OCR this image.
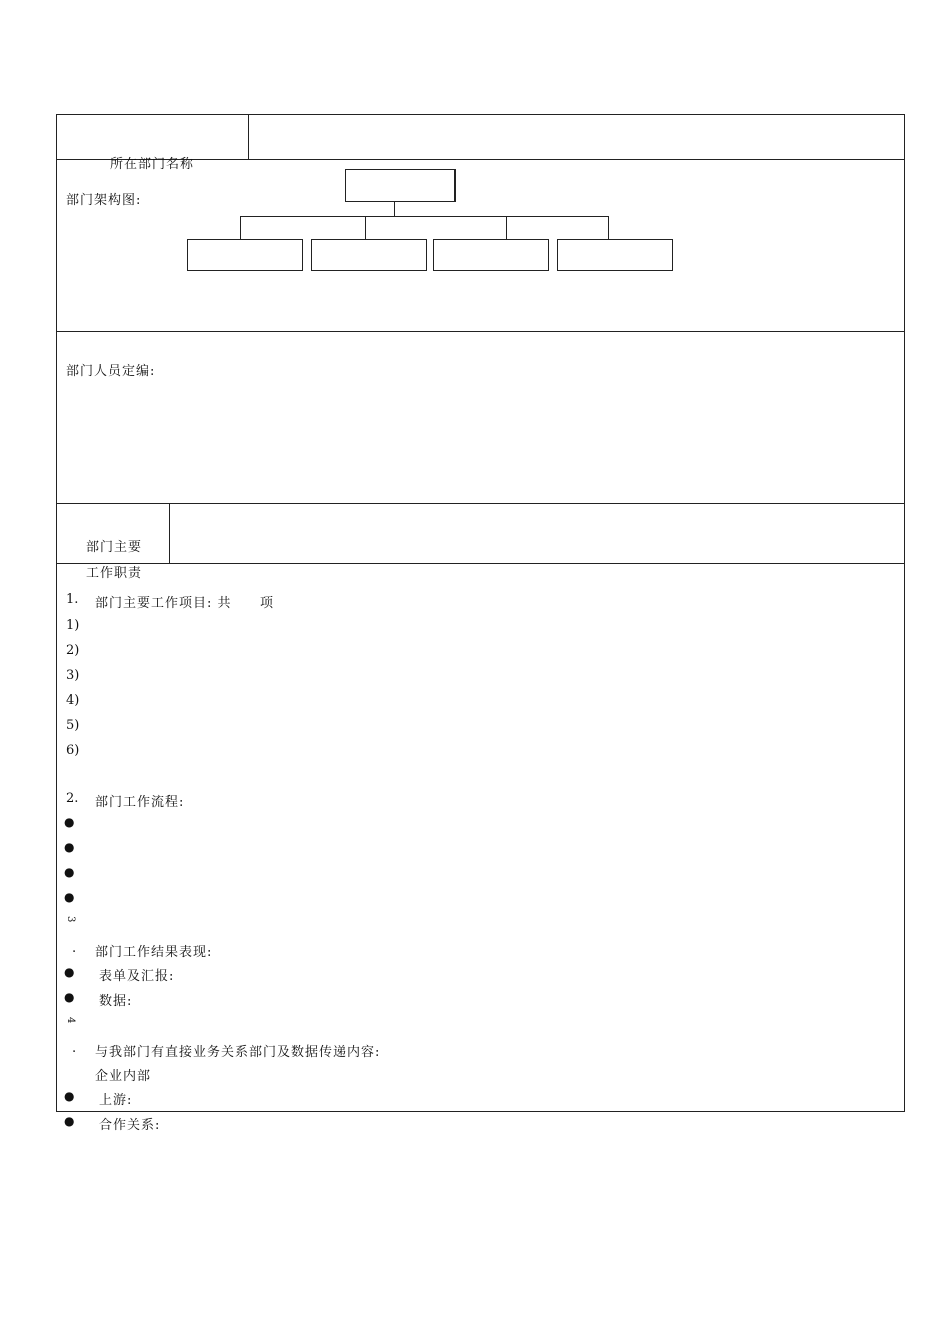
所在部门名称
部门架构图:
部门人员定编:
部门主要
工作职责
1. 部门主要工作项目: 共 项
1)
2)
3)
4)
5)
6)
2. 部门工作流程:
●
●
●
●
3
. 部门工作结果表现:
● 表单及汇报:
● 数据:
4
. 与我部门有直接业务关系部门及数据传递内容:
企业内部
● 上游:
● 合作关系:
